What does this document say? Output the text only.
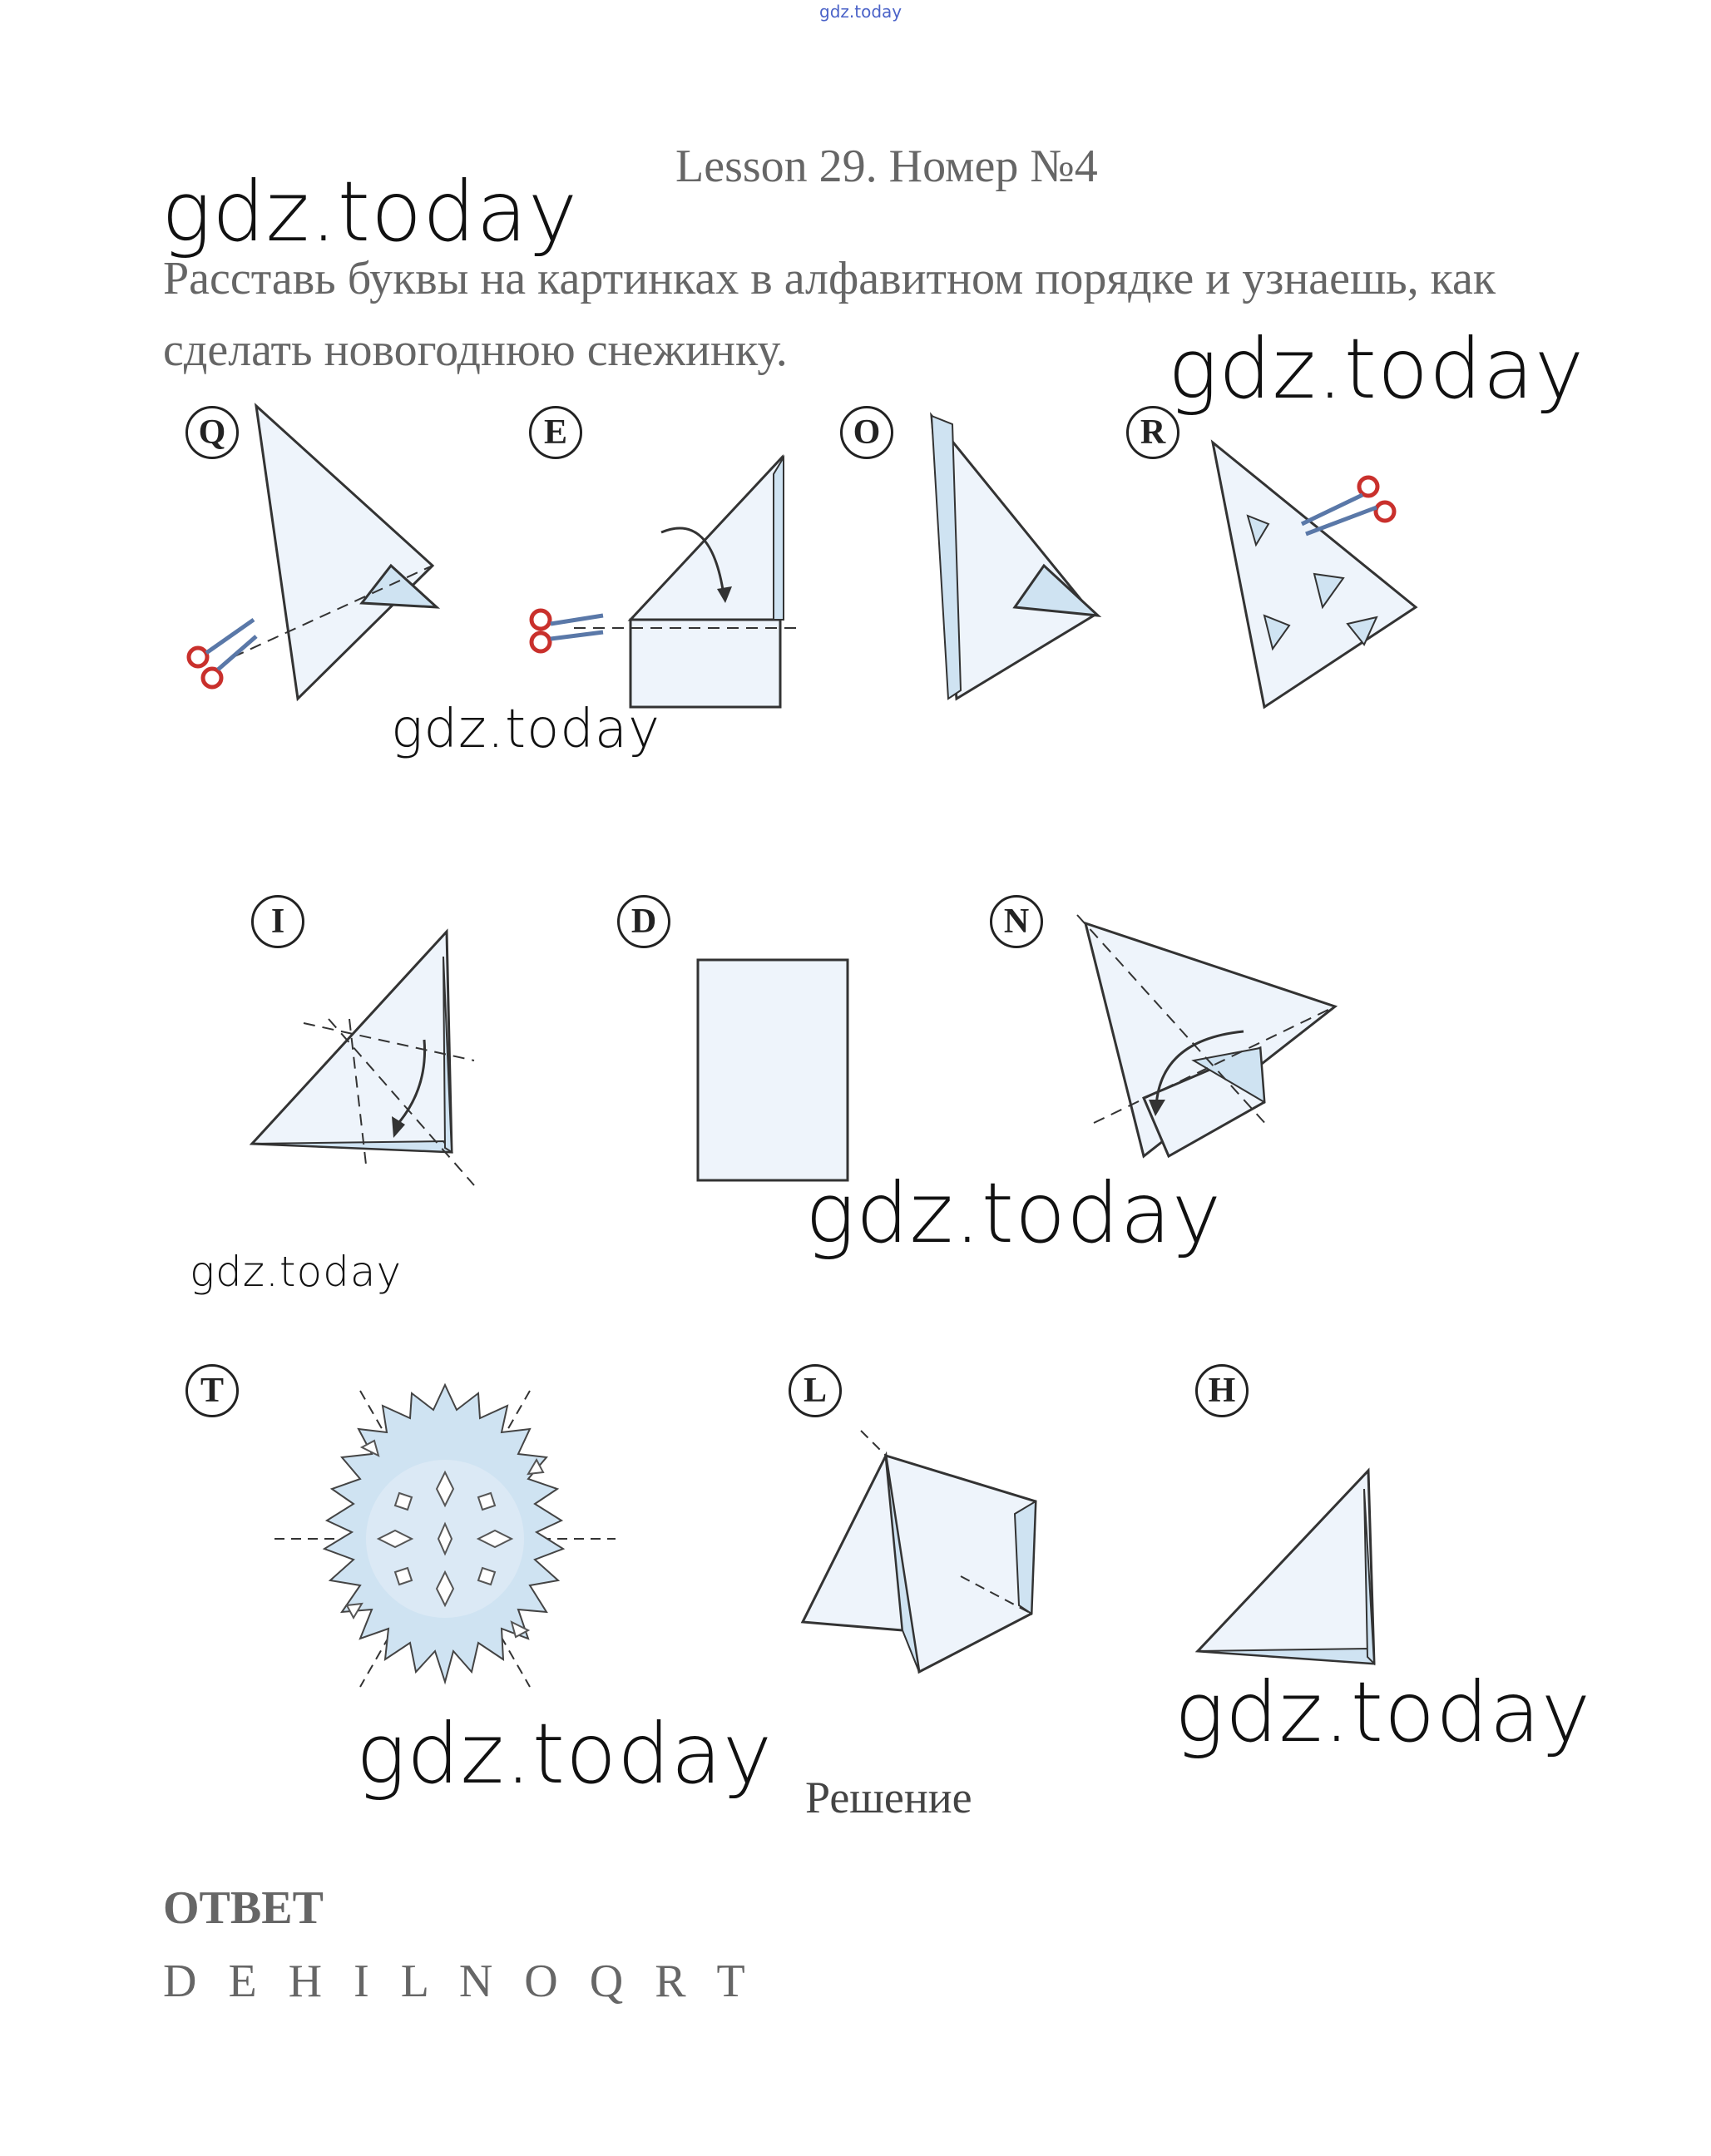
gdz.today
Lesson 29. Номер №4
gdz.today
Расставь буквы на картинках в алфавитном порядке и узнаешь, как сделать новогоднюю снежинку.	gdz.today
Q	E	O	R
gdz.today
I	D	N
gdz.today
gdz.today
T	L	H
gdz.today
gdz.today Решение
ОТВЕТ
D E H I L N O Q R T
